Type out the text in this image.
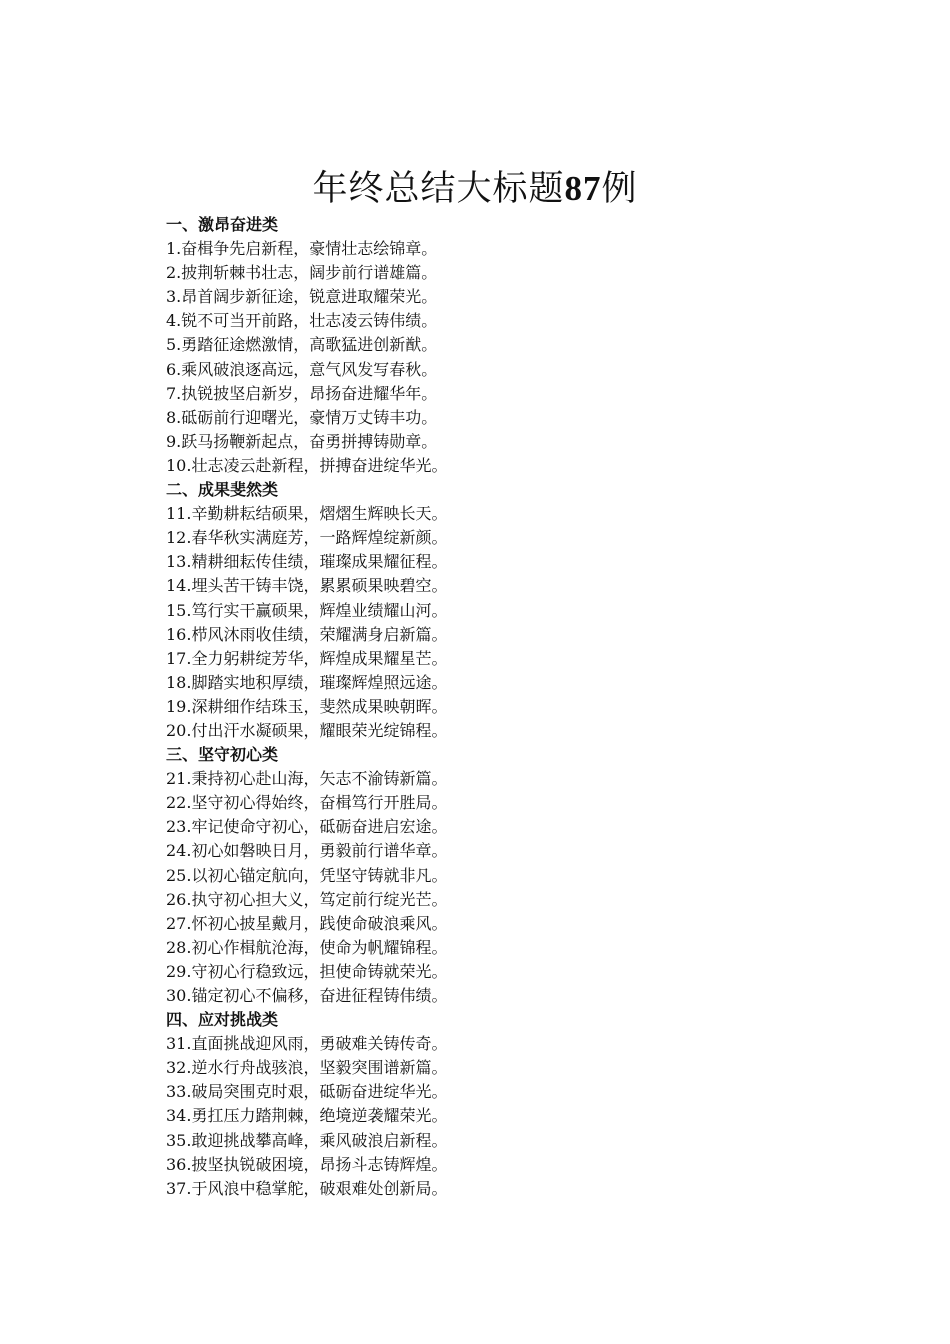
年终总结大标题87例
一、激昂奋进类
1.奋楫争先启新程，豪情壮志绘锦章。
2.披荆斩棘书壮志，阔步前行谱雄篇。
3.昂首阔步新征途，锐意进取耀荣光。
4.锐不可当开前路，壮志凌云铸伟绩。
5.勇踏征途燃激情，高歌猛进创新猷。
6.乘风破浪逐高远，意气风发写春秋。
7.执锐披坚启新岁，昂扬奋进耀华年。
8.砥砺前行迎曙光，豪情万丈铸丰功。
9.跃马扬鞭新起点，奋勇拼搏铸勋章。
10.壮志凌云赴新程，拼搏奋进绽华光。
二、成果斐然类
11.辛勤耕耘结硕果，熠熠生辉映长天。
12.春华秋实满庭芳，一路辉煌绽新颜。
13.精耕细耘传佳绩，璀璨成果耀征程。
14.埋头苦干铸丰饶，累累硕果映碧空。
15.笃行实干赢硕果，辉煌业绩耀山河。
16.栉风沐雨收佳绩，荣耀满身启新篇。
17.全力躬耕绽芳华，辉煌成果耀星芒。
18.脚踏实地积厚绩，璀璨辉煌照远途。
19.深耕细作结珠玉，斐然成果映朝晖。
20.付出汗水凝硕果，耀眼荣光绽锦程。
三、坚守初心类
21.秉持初心赴山海，矢志不渝铸新篇。
22.坚守初心得始终，奋楫笃行开胜局。
23.牢记使命守初心，砥砺奋进启宏途。
24.初心如磐映日月，勇毅前行谱华章。
25.以初心锚定航向，凭坚守铸就非凡。
26.执守初心担大义，笃定前行绽光芒。
27.怀初心披星戴月，践使命破浪乘风。
28.初心作楫航沧海，使命为帆耀锦程。
29.守初心行稳致远，担使命铸就荣光。
30.锚定初心不偏移，奋进征程铸伟绩。
四、应对挑战类
31.直面挑战迎风雨，勇破难关铸传奇。
32.逆水行舟战骇浪，坚毅突围谱新篇。
33.破局突围克时艰，砥砺奋进绽华光。
34.勇扛压力踏荆棘，绝境逆袭耀荣光。
35.敢迎挑战攀高峰，乘风破浪启新程。
36.披坚执锐破困境，昂扬斗志铸辉煌。
37.于风浪中稳掌舵，破艰难处创新局。
